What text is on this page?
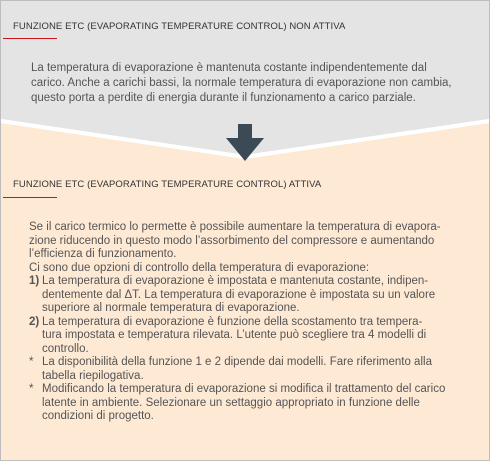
FUNZIONE ETC (EVAPORATING TEMPERATURE CONTROL) NON ATTIVA
La temperatura di evaporazione è mantenuta costante indipendentemente dal
carico. Anche a carichi bassi, la normale temperatura di evaporazione non cambia,
questo porta a perdite di energia durante il funzionamento a carico parziale.
FUNZIONE ETC (EVAPORATING TEMPERATURE CONTROL) ATTIVA
Se il carico termico lo permette è possibile aumentare la temperatura di evapora-
zione riducendo in questo modo l’assorbimento del compressore e aumentando
l’efficienza di funzionamento.
Ci sono due opzioni di controllo della temperatura di evaporazione:
1) La temperatura di evaporazione è impostata e mantenuta costante, indipen-
dentemente dal ΔT. La temperatura di evaporazione è impostata su un valore
superiore al normale temperatura di evaporazione.
2) La temperatura di evaporazione è funzione della scostamento tra tempera-
tura impostata e temperatura rilevata. L’utente può scegliere tra 4 modelli di
controllo.
* La disponibilità della funzione 1 e 2 dipende dai modelli. Fare riferimento alla
tabella riepilogativa.
* Modificando la temperatura di evaporazione si modifica il trattamento del carico
latente in ambiente. Selezionare un settaggio appropriato in funzione delle
condizioni di progetto.
